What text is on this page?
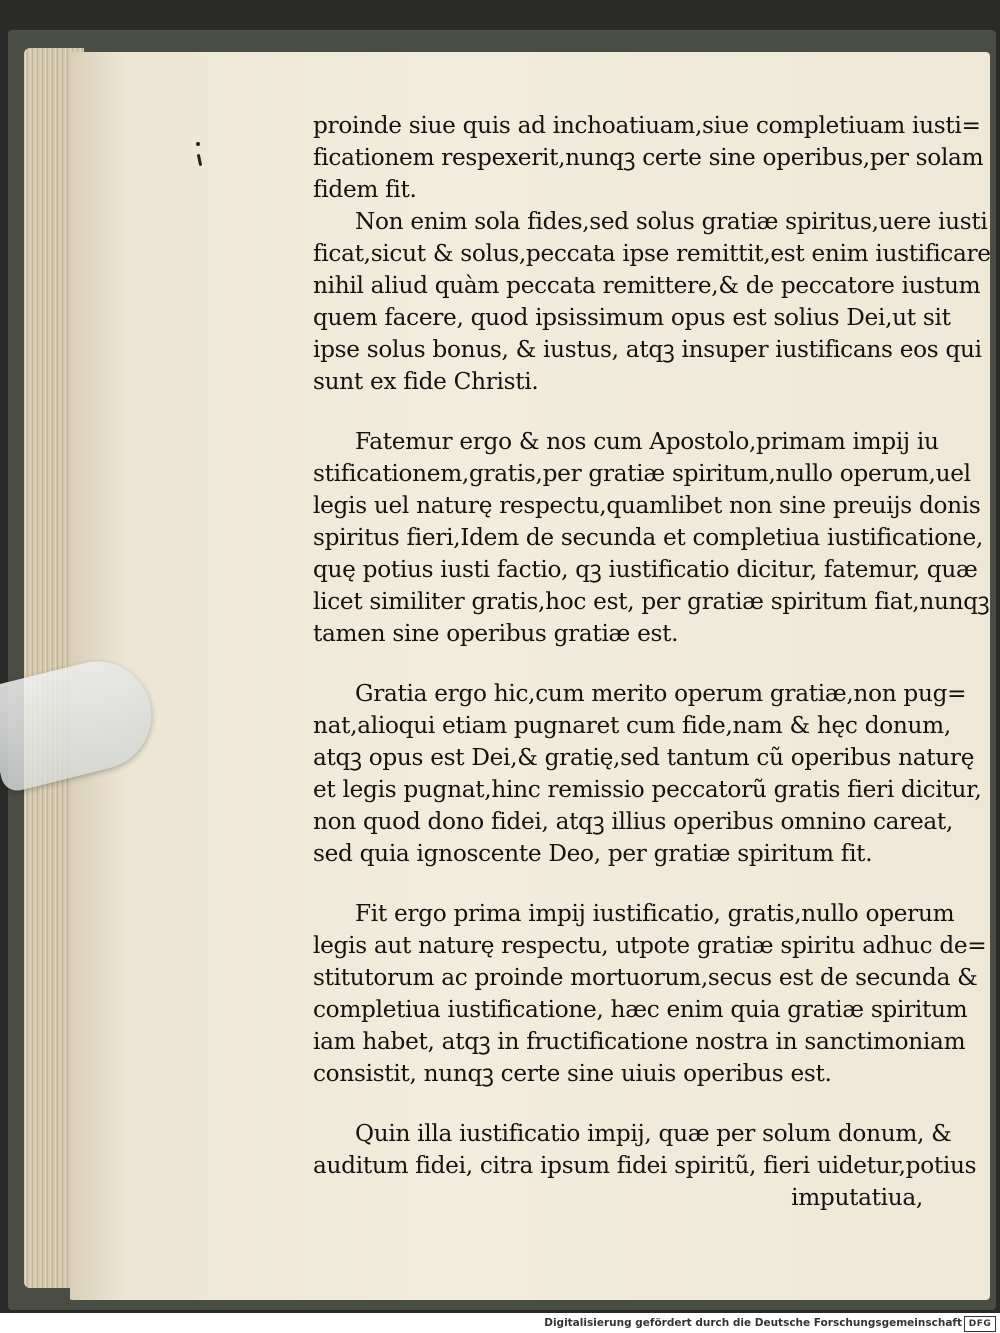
proinde siue quis ad inchoatiuam,siue completiuam iusti=
ficationem respexerit,nunqꝫ certe sine operibus,per solam
fidem fit.
Non enim sola fides,sed solus gratiæ spiritus,uere iusti
ficat,sicut & solus,peccata ipse remittit,est enim iustificare
nihil aliud quàm peccata remittere,& de peccatore iustum
quem facere, quod ipsissimum opus est solius Dei,ut sit
ipse solus bonus, & iustus, atqꝫ insuper iustificans eos qui
sunt ex fide Christi.
Fatemur ergo & nos cum Apostolo,primam impij iu
stificationem,gratis,per gratiæ spiritum,nullo operum,uel
legis uel naturę respectu,quamlibet non sine preuijs donis
spiritus fieri,Idem de secunda et completiua iustificatione,
quę potius iusti factio, qꝫ iustificatio dicitur, fatemur, quæ
licet similiter gratis,hoc est, per gratiæ spiritum fiat,nunqꝫ
tamen sine operibus gratiæ est.
Gratia ergo hic,cum merito operum gratiæ,non pug=
nat,alioqui etiam pugnaret cum fide,nam & hęc donum,
atqꝫ opus est Dei,& gratię,sed tantum cũ operibus naturę
et legis pugnat,hinc remissio peccatorũ gratis fieri dicitur,
non quod dono fidei, atqꝫ illius operibus omnino careat,
sed quia ignoscente Deo, per gratiæ spiritum fit.
Fit ergo prima impij iustificatio, gratis,nullo operum
legis aut naturę respectu, utpote gratiæ spiritu adhuc de=
stitutorum ac proinde mortuorum,secus est de secunda &
completiua iustificatione, hæc enim quia gratiæ spiritum
iam habet, atqꝫ in fructificatione nostra in sanctimoniam
consistit, nunqꝫ certe sine uiuis operibus est.
Quin illa iustificatio impij, quæ per solum donum, &
auditum fidei, citra ipsum fidei spiritũ, fieri uidetur,potius
imputatiua,
Digitalisierung gefördert durch die Deutsche Forschungsgemeinschaft DFG
